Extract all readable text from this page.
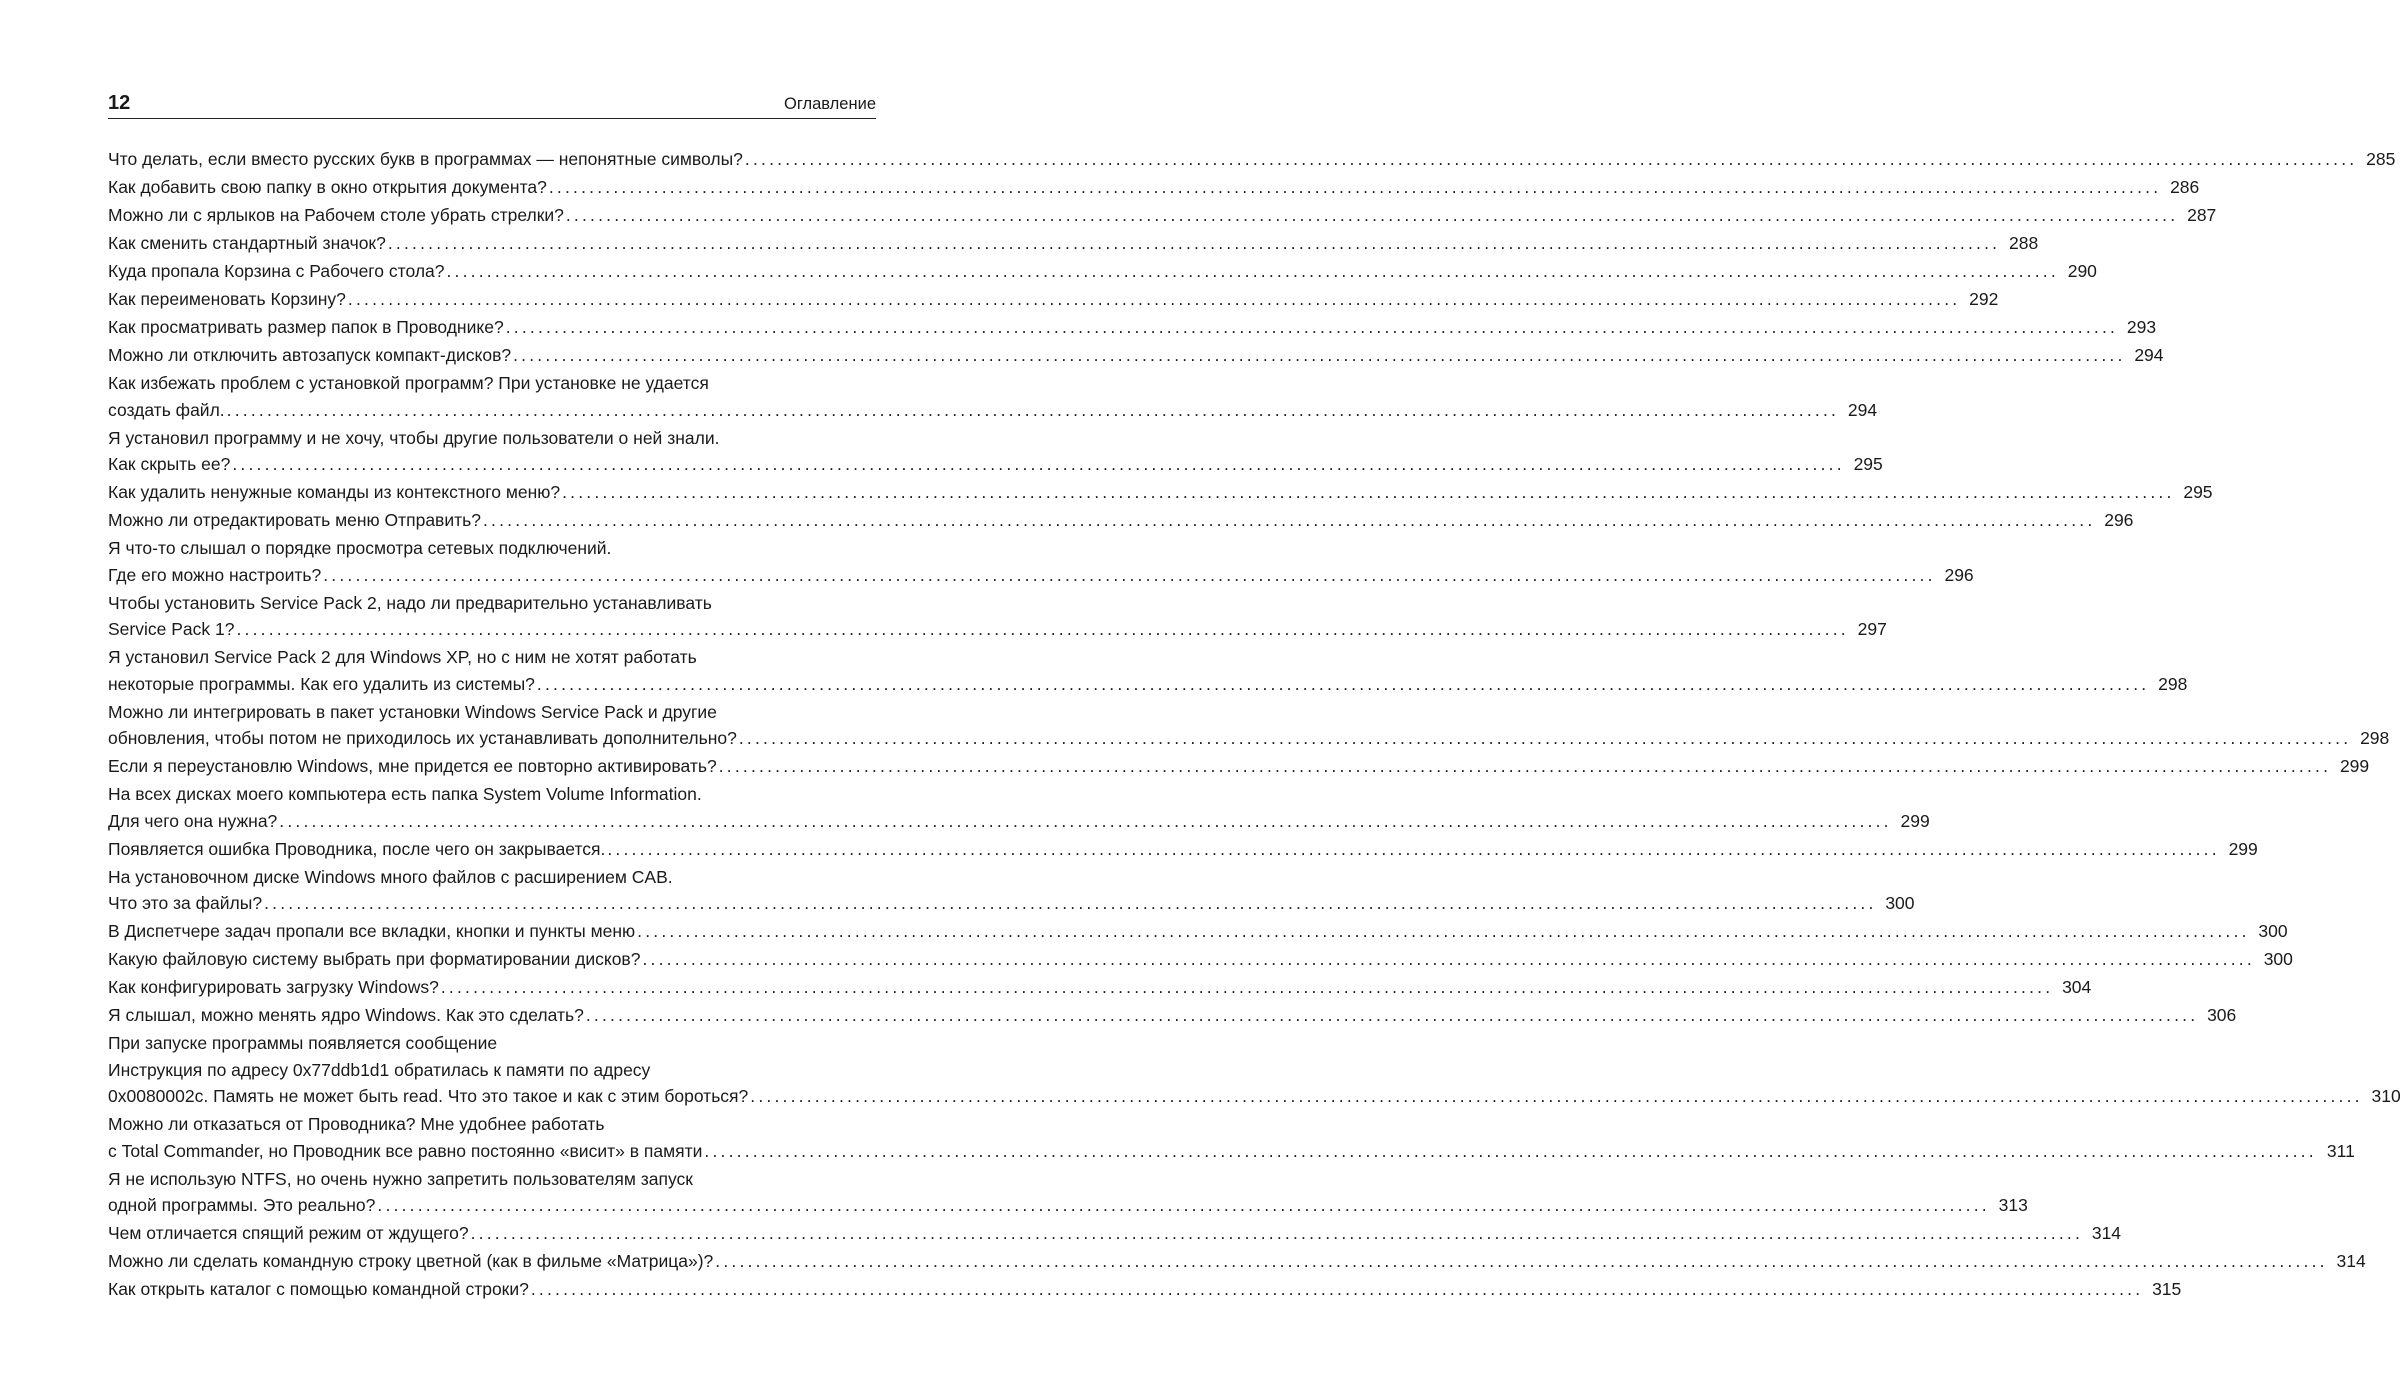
12	Оглавление
Что делать, если вместо русских букв в программах — непонятные символы? ........................................................................................................................................................................................................ 285
Как добавить свою папку в окно открытия документа? ........................................................................................................................................................................................................ 286
Можно ли с ярлыков на Рабочем столе убрать стрелки? ........................................................................................................................................................................................................ 287
Как сменить стандартный значок? ........................................................................................................................................................................................................ 288
Куда пропала Корзина с Рабочего стола? ........................................................................................................................................................................................................ 290
Как переименовать Корзину? ........................................................................................................................................................................................................ 292
Как просматривать размер папок в Проводнике? ........................................................................................................................................................................................................ 293
Можно ли отключить автозапуск компакт-дисков? ........................................................................................................................................................................................................ 294
Как избежать проблем с установкой программ? При установке не удается
создать файл. ........................................................................................................................................................................................................ 294
Я установил программу и не хочу, чтобы другие пользователи о ней знали.
Как скрыть ее? ........................................................................................................................................................................................................ 295
Как удалить ненужные команды из контекстного меню? ........................................................................................................................................................................................................ 295
Можно ли отредактировать меню Отправить? ........................................................................................................................................................................................................ 296
Я что-то слышал о порядке просмотра сетевых подключений.
Где его можно настроить? ........................................................................................................................................................................................................ 296
Чтобы установить Service Pack 2, надо ли предварительно устанавливать
Service Pack 1? ........................................................................................................................................................................................................ 297
Я установил Service Pack 2 для Windows XP, но с ним не хотят работать
некоторые программы. Как его удалить из системы? ........................................................................................................................................................................................................ 298
Можно ли интегрировать в пакет установки Windows Service Pack и другие
обновления, чтобы потом не приходилось их устанавливать дополнительно? ........................................................................................................................................................................................................ 298
Если я переустановлю Windows, мне придется ее повторно активировать? ........................................................................................................................................................................................................ 299
На всех дисках моего компьютера есть папка System Volume Information.
Для чего она нужна? ........................................................................................................................................................................................................ 299
Появляется ошибка Проводника, после чего он закрывается. ........................................................................................................................................................................................................ 299
На установочном диске Windows много файлов с расширением CAB.
Что это за файлы? ........................................................................................................................................................................................................ 300
В Диспетчере задач пропали все вкладки, кнопки и пункты меню ........................................................................................................................................................................................................ 300
Какую файловую систему выбрать при форматировании дисков? ........................................................................................................................................................................................................ 300
Как конфигурировать загрузку Windows? ........................................................................................................................................................................................................ 304
Я слышал, можно менять ядро Windows. Как это сделать? ........................................................................................................................................................................................................ 306
При запуске программы появляется сообщение
Инструкция по адресу 0x77ddb1d1 обратилась к памяти по адресу
0x0080002c. Память не может быть read. Что это такое и как с этим бороться? ........................................................................................................................................................................................................ 310
Можно ли отказаться от Проводника? Мне удобнее работать
с Total Commander, но Проводник все равно постоянно «висит» в памяти ........................................................................................................................................................................................................ 311
Я не использую NTFS, но очень нужно запретить пользователям запуск
одной программы. Это реально? ........................................................................................................................................................................................................ 313
Чем отличается спящий режим от ждущего? ........................................................................................................................................................................................................ 314
Можно ли сделать командную строку цветной (как в фильме «Матрица»)? ........................................................................................................................................................................................................ 314
Как открыть каталог с помощью командной строки? ........................................................................................................................................................................................................ 315
